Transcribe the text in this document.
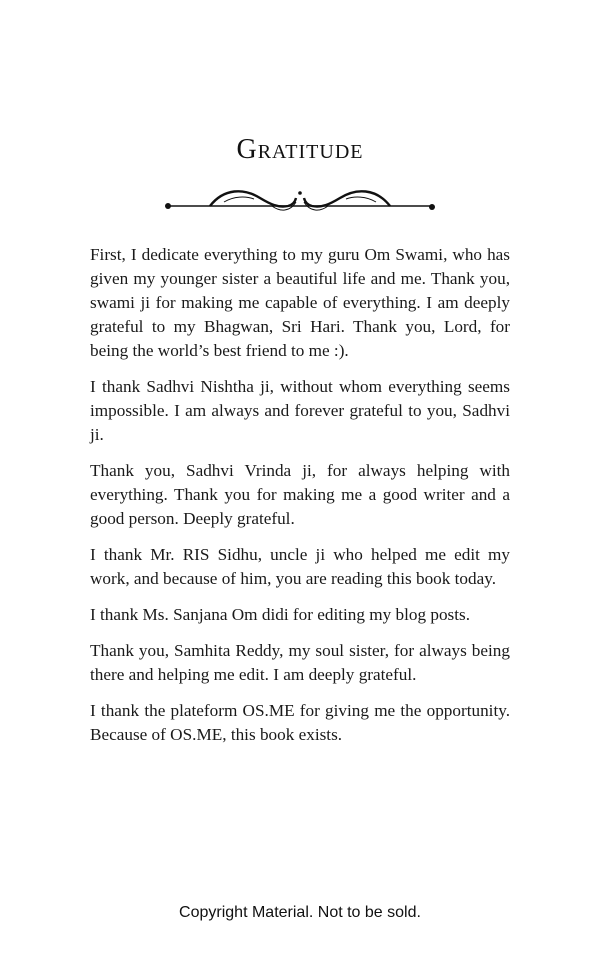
Gratitude

First, I dedicate everything to my guru Om Swami, who has given my younger sister a beautiful life and me. Thank you, swami ji for making me capable of everything. I am deeply grateful to my Bhagwan, Sri Hari. Thank you, Lord, for being the world’s best friend to me :).

I thank Sadhvi Nishtha ji, without whom everything seems impossible. I am always and forever grateful to you, Sadhvi ji.

Thank you, Sadhvi Vrinda ji, for always helping with everything. Thank you for making me a good writer and a good person. Deeply grateful.

I thank Mr. RIS Sidhu, uncle ji who helped me edit my work, and because of him, you are reading this book today.

I thank Ms. Sanjana Om didi for editing my blog posts.

Thank you, Samhita Reddy, my soul sister, for always being there and helping me edit. I am deeply grateful.

I thank the plateform OS.ME for giving me the opportunity. Because of OS.ME, this book exists.

Copyright Material. Not to be sold.
